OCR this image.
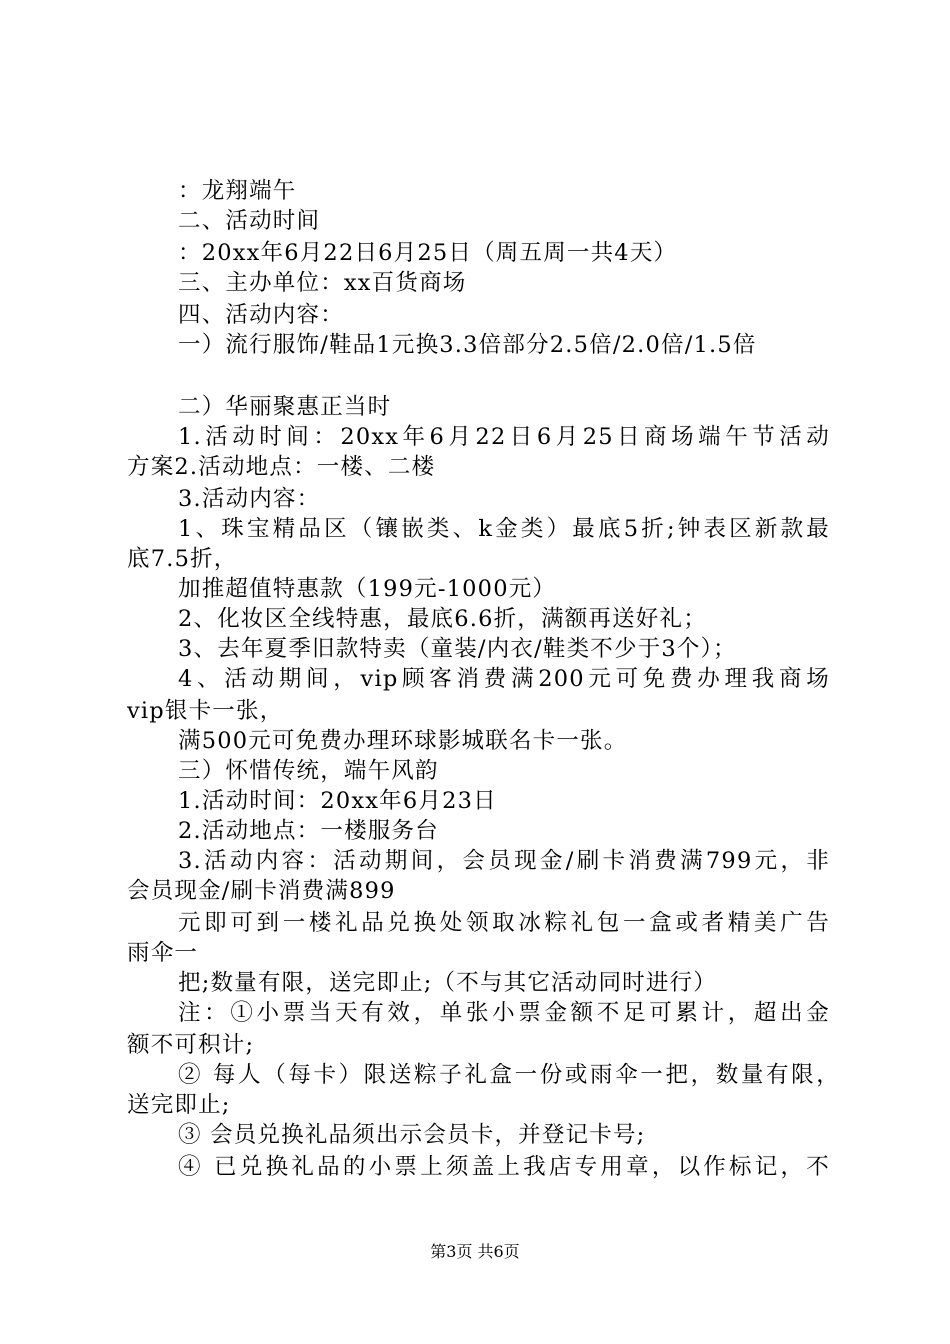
：龙翔端午
二、活动时间
：20xx年6月22日6月25日（周五周一共4天）
三、主办单位：xx百货商场
四、活动内容：
一）流行服饰/鞋品1元换3.3倍部分2.5倍/2.0倍/1.5倍
二）华丽聚惠正当时
1.活动时间：20xx年6月22日6月25日商场端午节活动
方案2.活动地点：一楼、二楼
3.活动内容：
1、珠宝精品区（镶嵌类、k金类）最底5折;钟表区新款最
底7.5折，
加推超值特惠款（199元-1000元）
2、化妆区全线特惠，最底6.6折，满额再送好礼；
3、去年夏季旧款特卖（童装/内衣/鞋类不少于3个）；
4、活动期间，vip顾客消费满200元可免费办理我商场
vip银卡一张，
满500元可免费办理环球影城联名卡一张。
三）怀惜传统，端午风韵
1.活动时间：20xx年6月23日
2.活动地点：一楼服务台
3.活动内容：活动期间，会员现金/刷卡消费满799元，非
会员现金/刷卡消费满899
元即可到一楼礼品兑换处领取冰粽礼包一盒或者精美广告
雨伞一
把;数量有限，送完即止;（不与其它活动同时进行）
注：①小票当天有效，单张小票金额不足可累计，超出金
额不可积计;
② 每人（每卡）限送粽子礼盒一份或雨伞一把，数量有限，
送完即止;
③ 会员兑换礼品须出示会员卡，并登记卡号;
④ 已兑换礼品的小票上须盖上我店专用章，以作标记，不
第3页 共6页
